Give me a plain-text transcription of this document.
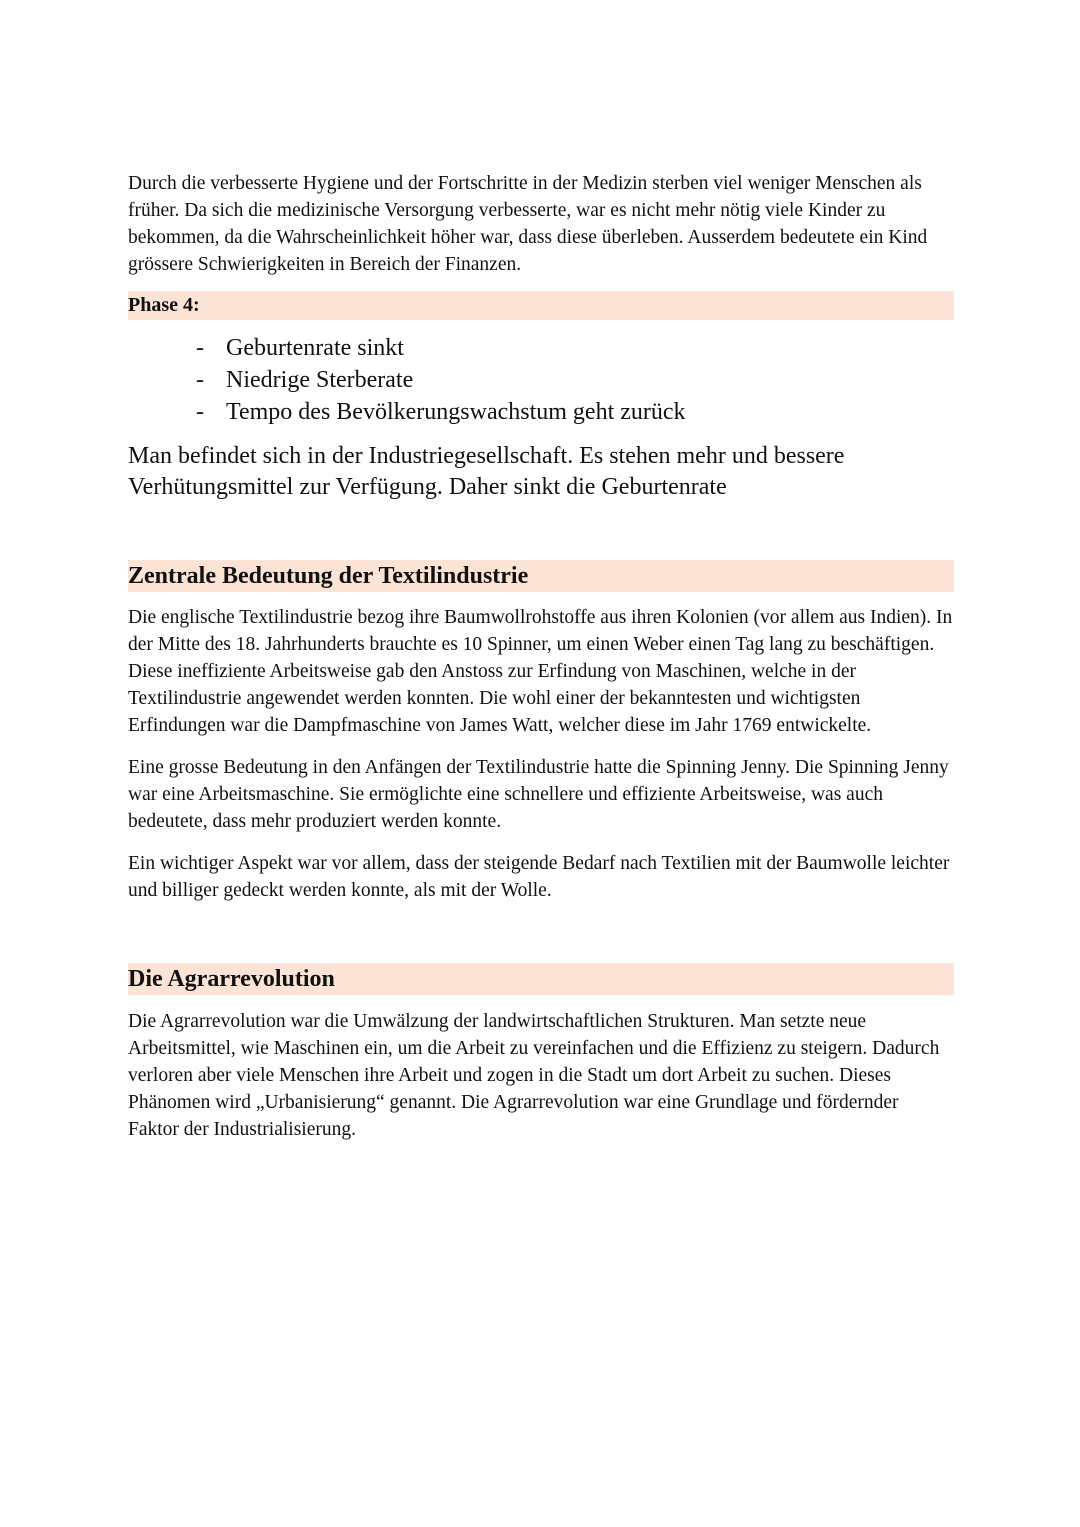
Durch die verbesserte Hygiene und der Fortschritte in der Medizin sterben viel weniger Menschen als früher. Da sich die medizinische Versorgung verbesserte, war es nicht mehr nötig viele Kinder zu bekommen, da die Wahrscheinlichkeit höher war, dass diese überleben. Ausserdem bedeutete ein Kind grössere Schwierigkeiten in Bereich der Finanzen.

Phase 4:
- Geburtenrate sinkt
- Niedrige Sterberate
- Tempo des Bevölkerungswachstum geht zurück

Man befindet sich in der Industriegesellschaft. Es stehen mehr und bessere Verhütungsmittel zur Verfügung. Daher sinkt die Geburtenrate

Zentrale Bedeutung der Textilindustrie

Die englische Textilindustrie bezog ihre Baumwollrohstoffe aus ihren Kolonien (vor allem aus Indien). In der Mitte des 18. Jahrhunderts brauchte es 10 Spinner, um einen Weber einen Tag lang zu beschäftigen. Diese ineffiziente Arbeitsweise gab den Anstoss zur Erfindung von Maschinen, welche in der Textilindustrie angewendet werden konnten. Die wohl einer der bekanntesten und wichtigsten Erfindungen war die Dampfmaschine von James Watt, welcher diese im Jahr 1769 entwickelte.

Eine grosse Bedeutung in den Anfängen der Textilindustrie hatte die Spinning Jenny. Die Spinning Jenny war eine Arbeitsmaschine. Sie ermöglichte eine schnellere und effiziente Arbeitsweise, was auch bedeutete, dass mehr produziert werden konnte.

Ein wichtiger Aspekt war vor allem, dass der steigende Bedarf nach Textilien mit der Baumwolle leichter und billiger gedeckt werden konnte, als mit der Wolle.

Die Agrarrevolution

Die Agrarrevolution war die Umwälzung der landwirtschaftlichen Strukturen. Man setzte neue Arbeitsmittel, wie Maschinen ein, um die Arbeit zu vereinfachen und die Effizienz zu steigern. Dadurch verloren aber viele Menschen ihre Arbeit und zogen in die Stadt um dort Arbeit zu suchen. Dieses Phänomen wird „Urbanisierung“ genannt. Die Agrarrevolution war eine Grundlage und fördernder Faktor der Industrialisierung.
